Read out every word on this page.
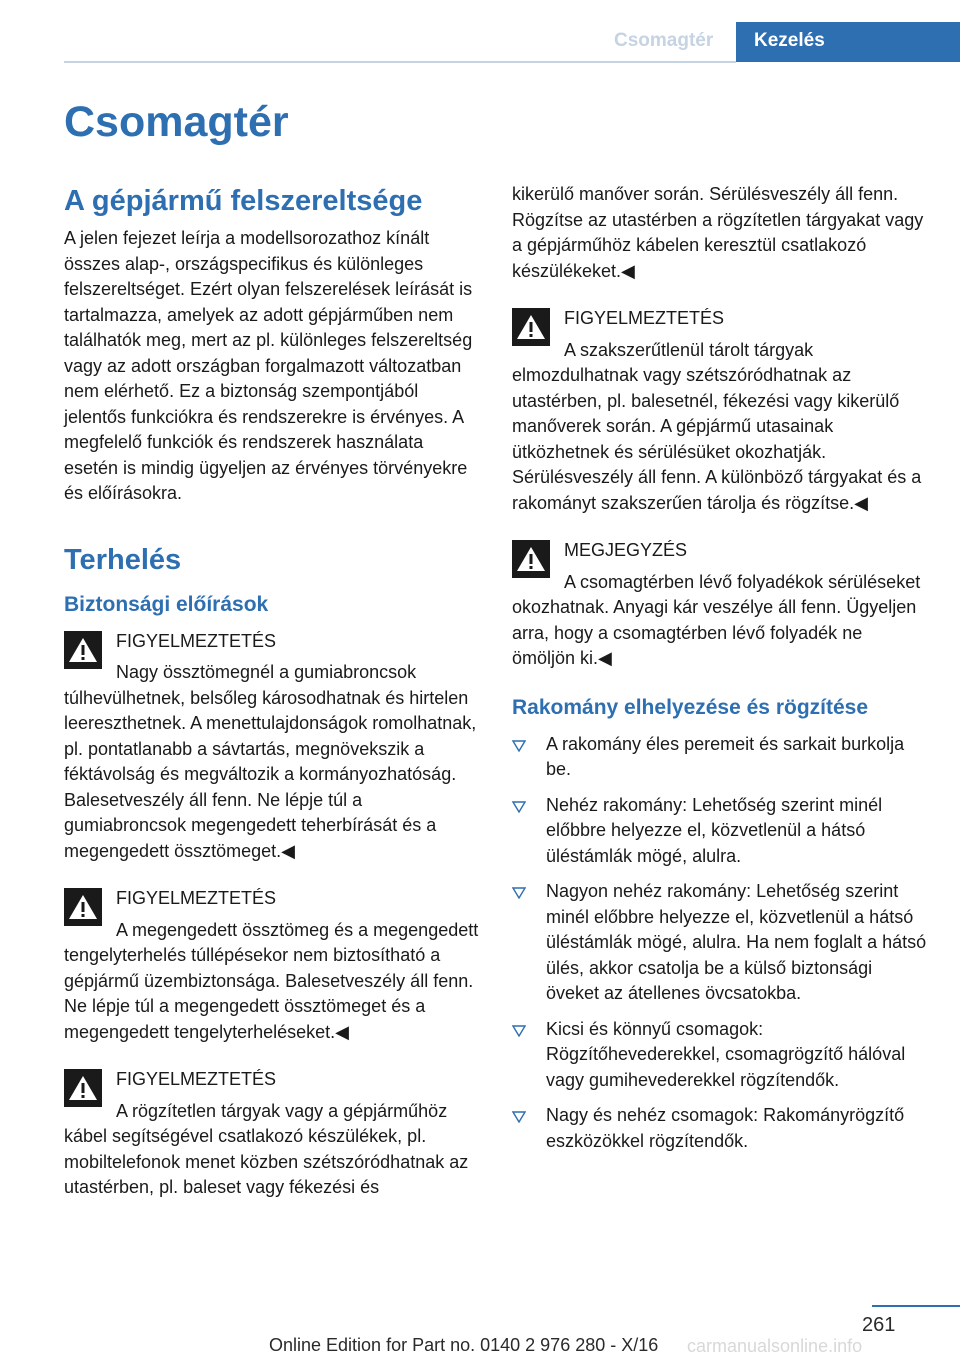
Csomagtér	Kezelés
Csomagtér
A gépjármű felszereltsége

A jelen fejezet leírja a modellsorozathoz kínált összes alap-, országspecifikus és különleges felszereltséget. Ezért olyan felszerelések leírását is tartalmazza, amelyek az adott gépjárműben nem találhatók meg, mert az pl. különleges felszereltség vagy az adott országban forgalmazott változatban nem elérhető. Ez a biztonság szempontjából jelentős funkciókra és rendszerekre is érvényes. A megfelelő funkciók és rendszerek használata esetén is mindig ügyeljen az érvényes törvényekre és előírásokra.

Terhelés
Biztonsági előírások
FIGYELMEZTETÉS

Nagy össztömegnél a gumiabroncsok túlhevülhetnek, belsőleg károsodhatnak és hirtelen leereszthetnek. A menettulajdonságok romolhatnak, pl. pontatlanabb a sávtartás, megnövekszik a féktávolság és megváltozik a kormányozhatóság. Balesetveszély áll fenn. Ne lépje túl a gumiabroncsok megengedett teherbírását és a megengedett össztömeget.◀

FIGYELMEZTETÉS

A megengedett össztömeg és a megengedett tengelyterhelés túllépésekor nem biztosítható a gépjármű üzembiztonsága. Balesetveszély áll fenn. Ne lépje túl a megengedett össztömeget és a megengedett tengelyterheléseket.◀

FIGYELMEZTETÉS

A rögzítetlen tárgyak vagy a gépjárműhöz kábel segítségével csatlakozó készülékek, pl. mobiltelefonok menet közben szétszóródhatnak az utastérben, pl. baleset vagy fékezési és

kikerülő manőver során. Sérülésveszély áll fenn. Rögzítse az utastérben a rögzítetlen tárgyakat vagy a gépjárműhöz kábelen keresztül csatlakozó készülékeket.◀

FIGYELMEZTETÉS

A szakszerűtlenül tárolt tárgyak elmozdulhatnak vagy szétszóródhatnak az utastérben, pl. balesetnél, fékezési vagy kikerülő manőverek során. A gépjármű utasainak ütközhetnek és sérülésüket okozhatják. Sérülésveszély áll fenn. A különböző tárgyakat és a rakományt szakszerűen tárolja és rögzítse.◀

MEGJEGYZÉS

A csomagtérben lévő folyadékok sérüléseket okozhatnak. Anyagi kár veszélye áll fenn. Ügyeljen arra, hogy a csomagtérben lévő folyadék ne ömöljön ki.◀

Rakomány elhelyezése és rögzítése

A rakomány éles peremeit és sarkait burkolja be.

Nehéz rakomány: Lehetőség szerint minél előbbre helyezze el, közvetlenül a hátsó üléstámlák mögé, alulra.

Nagyon nehéz rakomány: Lehetőség szerint minél előbbre helyezze el, közvetlenül a hátsó üléstámlák mögé, alulra. Ha nem foglalt a hátsó ülés, akkor csatolja be a külső biztonsági öveket az átellenes övcsatokba.

Kicsi és könnyű csomagok: Rögzítőhevederekkel, csomagrögzítő hálóval vagy gumihevederekkel rögzítendők.

Nagy és nehéz csomagok: Rakományrögzítő eszközökkel rögzítendők.

261
Online Edition for Part no. 0140 2 976 280 - X/16 carmanualsonline.info
